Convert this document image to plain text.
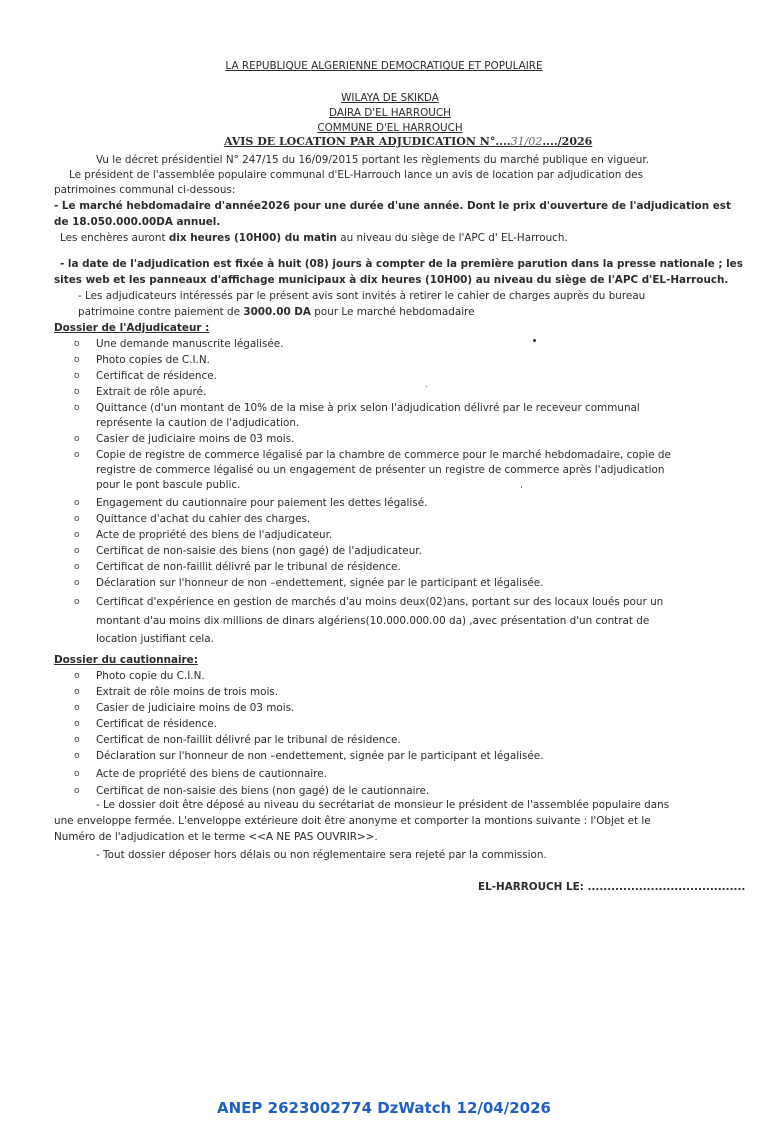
LA REPUBLIQUE ALGERIENNE DEMOCRATIQUE ET POPULAIRE
WILAYA DE SKIKDA
DAIRA D'EL HARROUCH
COMMUNE D'EL HARROUCH
AVIS DE LOCATION PAR ADJUDICATION N°....31/02..../2026
Vu le décret présidentiel N° 247/15 du 16/09/2015 portant les règlements du marché publique en vigueur.
Le président de l'assemblée populaire communal d'EL-Harrouch lance un avis de location par adjudication des
patrimoines communal ci-dessous:
- Le marché hebdomadaire d'année2026 pour une durée d'une année. Dont le prix d'ouverture de l'adjudication est
de 18.050.000.00DA annuel.
Les enchères auront dix heures (10H00) du matin au niveau du siège de l'APC d' EL-Harrouch.
- la date de l'adjudication est fixée à huit (08) jours à compter de la première parution dans la presse nationale ; les
sites web et les panneaux d'affichage municipaux à dix heures (10H00) au niveau du siège de l'APC d'EL-Harrouch.
- Les adjudicateurs intéressés par le présent avis sont invités à retirer le cahier de charges auprès du bureau
patrimoine contre paiement de 3000.00 DA pour Le marché hebdomadaire
Dossier de l'Adjudicateur :
o Une demande manuscrite légalisée.
o Photo copies de C.I.N.
o Certificat de résidence.
o Extrait de rôle apuré.
o Quittance (d'un montant de 10% de la mise à prix selon l'adjudication délivré par le receveur communal
représente la caution de l'adjudication.
o Casier de judiciaire moins de 03 mois.
o Copie de registre de commerce légalisé par la chambre de commerce pour le marché hebdomadaire, copie de
registre de commerce légalisé ou un engagement de présenter un registre de commerce après l'adjudication
pour le pont bascule public.
o Engagement du cautionnaire pour paiement les dettes légalisé.
o Quittance d'achat du cahier des charges.
o Acte de propriété des biens de l'adjudicateur.
o Certificat de non-saisie des biens (non gagé) de l'adjudicateur.
o Certificat de non-faillit délivré par le tribunal de résidence.
o Déclaration sur l'honneur de non –endettement, signée par le participant et légalisée.
o Certificat d'expérience en gestion de marchés d'au moins deux(02)ans, portant sur des locaux loués pour un
montant d'au moins dix millions de dinars algériens(10.000.000.00 da) ,avec présentation d'un contrat de
location justifiant cela.
Dossier du cautionnaire:
o Photo copie du C.I.N.
o Extrait de rôle moins de trois mois.
o Casier de judiciaire moins de 03 mois.
o Certificat de résidence.
o Certificat de non-faillit délivré par le tribunal de résidence.
o Déclaration sur l'honneur de non –endettement, signée par le participant et légalisée.
o Acte de propriété des biens de cautionnaire.
o Certificat de non-saisie des biens (non gagé) de le cautionnaire.
- Le dossier doit être déposé au niveau du secrétariat de monsieur le président de l'assemblée populaire dans
une enveloppe fermée. L'enveloppe extérieure doit être anonyme et comporter la montions suivante : l'Objet et le
Numéro de l'adjudication et le terme <<A NE PAS OUVRIR>>.
- Tout dossier déposer hors délais ou non réglementaire sera rejeté par la commission.
EL-HARROUCH LE: ........................................
ANEP 2623002774 DzWatch 12/04/2026
